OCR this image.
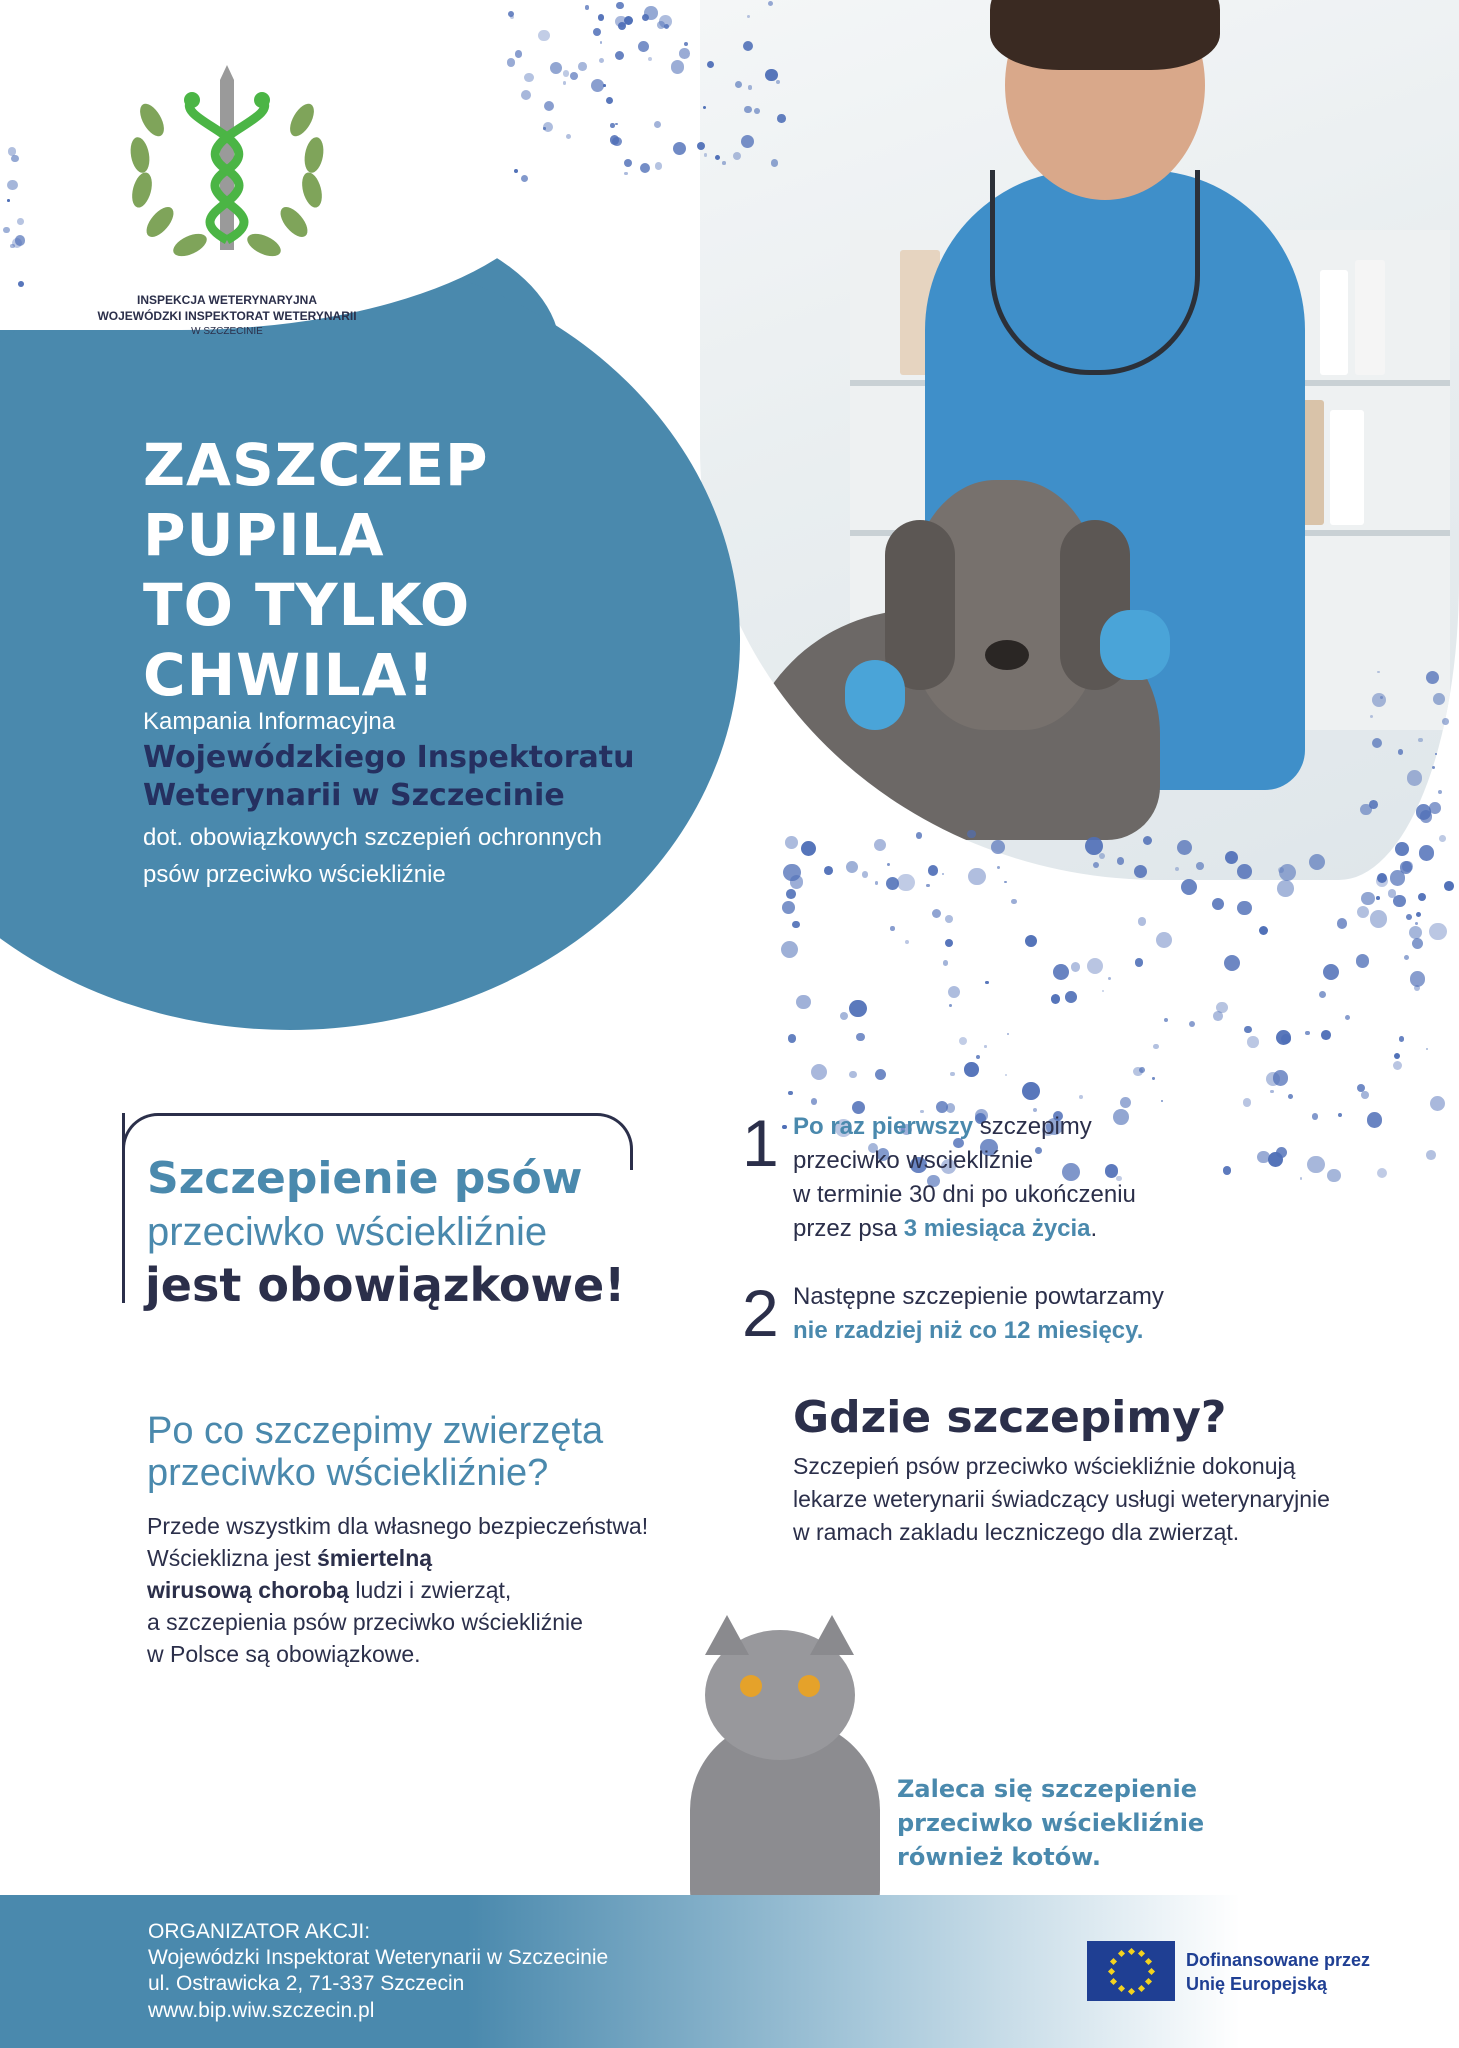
INSPEKCJA WETERYNARYJNA
WOJEWÓDZKI INSPEKTORAT WETERYNARII
W SZCZECINIE
ZASZCZEP
PUPILA
TO TYLKO
CHWILA!
Kampania Informacyjna
Wojewódzkiego Inspektoratu
Weterynarii w Szczecinie
dot. obowiązkowych szczepień ochronnych
psów przeciwko wściekliźnie
Szczepienie psów
przeciwko wściekliźnie
jest obowiązkowe!
1 Po raz pierwszy szczepimy
przeciwko wsciekliźnie
w terminie 30 dni po ukończeniu
przez psa 3 miesiąca życia.
2 Następne szczepienie powtarzamy
nie rzadziej niż co 12 miesięcy.
Po co szczepimy zwierzęta
przeciwko wściekliźnie?
Przede wszystkim dla własnego bezpieczeństwa!
Wścieklizna jest śmiertelną
wirusową chorobą ludzi i zwierząt,
a szczepienia psów przeciwko wściekliźnie
w Polsce są obowiązkowe.
Gdzie szczepimy?
Szczepień psów przeciwko wściekliźnie dokonują
lekarze weterynarii świadczący usługi weterynaryjnie
w ramach zakladu leczniczego dla zwierząt.
Zaleca się szczepienie
przeciwko wściekliźnie
również kotów.
ORGANIZATOR AKCJI:
Wojewódzki Inspektorat Weterynarii w Szczecinie
ul. Ostrawicka 2, 71-337 Szczecin
www.bip.wiw.szczecin.pl
Dofinansowane przez
Unię Europejską
